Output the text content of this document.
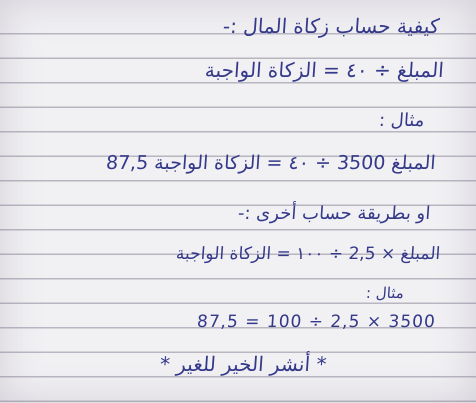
كيفية حساب زكاة المال :-
المبلغ ÷ ٤٠ = الزكاة الواجبة
مثال :
المبلغ 3500 ÷ ٤٠ = الزكاة الواجبة 87,5
او بطريقة حساب أخرى :-
المبلغ × 2,5 ÷ ١٠٠ = الزكاة الواجبة
مثال :
87,5 = 100 ÷ 2,5 × 3500
* أنشر الخير للغير *
